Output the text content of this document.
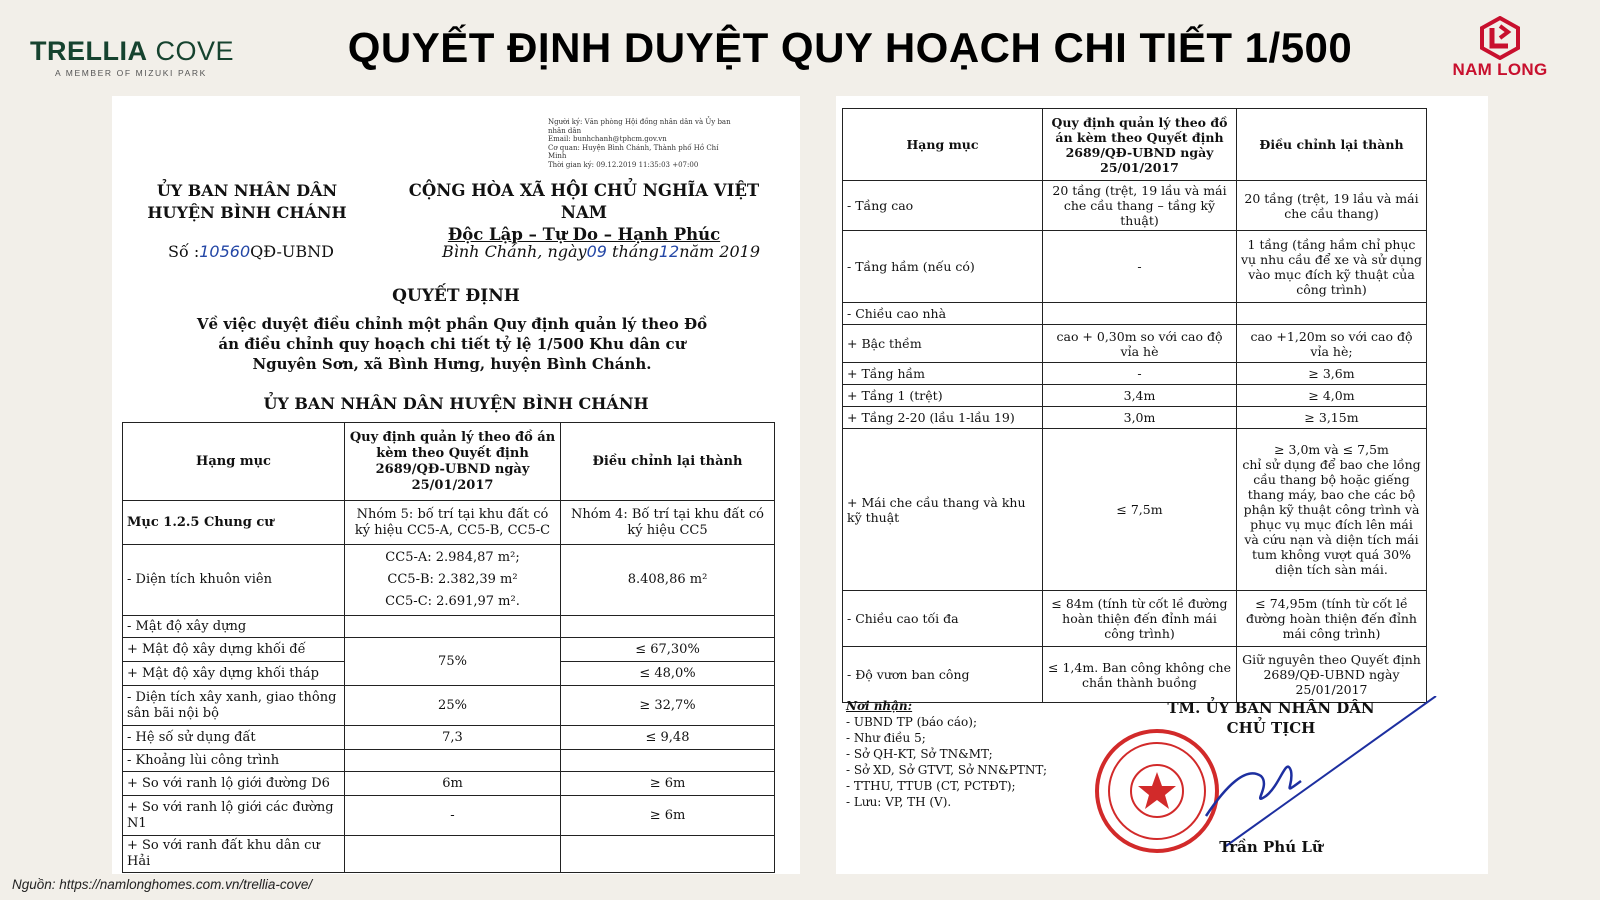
TRELLIA COVE
A MEMBER OF MIZUKI PARK
QUYẾT ĐỊNH DUYỆT QUY HOẠCH CHI TIẾT 1/500	NAM LONG
Người ký: Văn phòng Hội đồng nhân dân và Ủy ban nhân dân
Email: bunhchanh@tphcm.gov.vn
Cơ quan: Huyện Bình Chánh, Thành phố Hồ Chí Minh
Thời gian ký: 09.12.2019 11:35:03 +07:00
ỦY BAN NHÂN DÂN
HUYỆN BÌNH CHÁNH
CỘNG HÒA XÃ HỘI CHỦ NGHĨA VIỆT NAM
Độc Lập – Tự Do – Hạnh Phúc
Số :10560QĐ-UBND	Bình Chánh, ngày09 tháng12năm 2019
QUYẾT ĐỊNH
Về việc duyệt điều chỉnh một phần Quy định quản lý theo Đồ
án điều chỉnh quy hoạch chi tiết tỷ lệ 1/500 Khu dân cư
Nguyên Sơn, xã Bình Hưng, huyện Bình Chánh.
ỦY BAN NHÂN DÂN HUYỆN BÌNH CHÁNH
Hạng mục	Quy định quản lý theo đồ án kèm theo Quyết định 2689/QĐ-UBND ngày 25/01/2017	Điều chỉnh lại thành
Mục 1.2.5 Chung cư	Nhóm 5: bố trí tại khu đất có ký hiệu CC5-A, CC5-B, CC5-C	Nhóm 4: Bố trí tại khu đất có ký hiệu CC5
- Diện tích khuôn viên	CC5-A: 2.984,87 m²;
CC5-B: 2.382,39 m²
CC5-C: 2.691,97 m².	8.408,86 m²
- Mật độ xây dựng		
+ Mật độ xây dựng khối đế	75%	≤ 67,30%
+ Mật độ xây dựng khối tháp		≤ 48,0%
- Diện tích xây xanh, giao thông sân bãi nội bộ	25%	≥ 32,7%
- Hệ số sử dụng đất	7,3	≤ 9,48
- Khoảng lùi công trình		
+ So với ranh lộ giới đường D6	6m	≥ 6m
+ So với ranh lộ giới các đường N1	-	≥ 6m
+ So với ranh đất khu dân cư Hải		
Hạng mục	Quy định quản lý theo đồ án kèm theo Quyết định 2689/QĐ-UBND ngày 25/01/2017	Điều chỉnh lại thành
- Tầng cao	20 tầng (trệt, 19 lầu và mái che cầu thang – tầng kỹ thuật)	20 tầng (trệt, 19 lầu và mái che cầu thang)
- Tầng hầm (nếu có)	-	1 tầng (tầng hầm chỉ phục vụ nhu cầu để xe và sử dụng vào mục đích kỹ thuật của công trình)
- Chiều cao nhà		
+ Bậc thềm	cao + 0,30m so với cao độ vỉa hè	cao +1,20m so với cao độ vỉa hè;
+ Tầng hầm	-	≥ 3,6m
+ Tầng 1 (trệt)	3,4m	≥ 4,0m
+ Tầng 2-20 (lầu 1-lầu 19)	3,0m	≥ 3,15m
+ Mái che cầu thang và khu kỹ thuật	≤ 7,5m	≥ 3,0m và ≤ 7,5m
chỉ sử dụng để bao che lồng cầu thang bộ hoặc giếng thang máy, bao che các bộ phận kỹ thuật công trình và phục vụ mục đích lên mái và cứu nạn và diện tích mái tum không vượt quá 30% diện tích sàn mái.

- Chiều cao tối đa	≤ 84m (tính từ cốt lề đường hoàn thiện đến đỉnh mái công trình)	≤ 74,95m (tính từ cốt lề đường hoàn thiện đến đỉnh mái công trình)
- Độ vươn ban công	≤ 1,4m. Ban công không che chắn thành buồng	Giữ nguyên theo Quyết định 2689/QĐ-UBND ngày 25/01/2017
Nơi nhận:
- UBND TP (báo cáo);
- Như điều 5;
- Sở QH-KT, Sở TN&MT;
- Sở XD, Sở GTVT, Sở NN&PTNT;
- TTHU, TTUB (CT, PCTĐT);
- Lưu: VP, TH (V).
TM. ỦY BAN NHÂN DÂN
CHỦ TỊCH
Trần Phú Lữ
Nguồn: https://namlonghomes.com.vn/trellia-cove/
